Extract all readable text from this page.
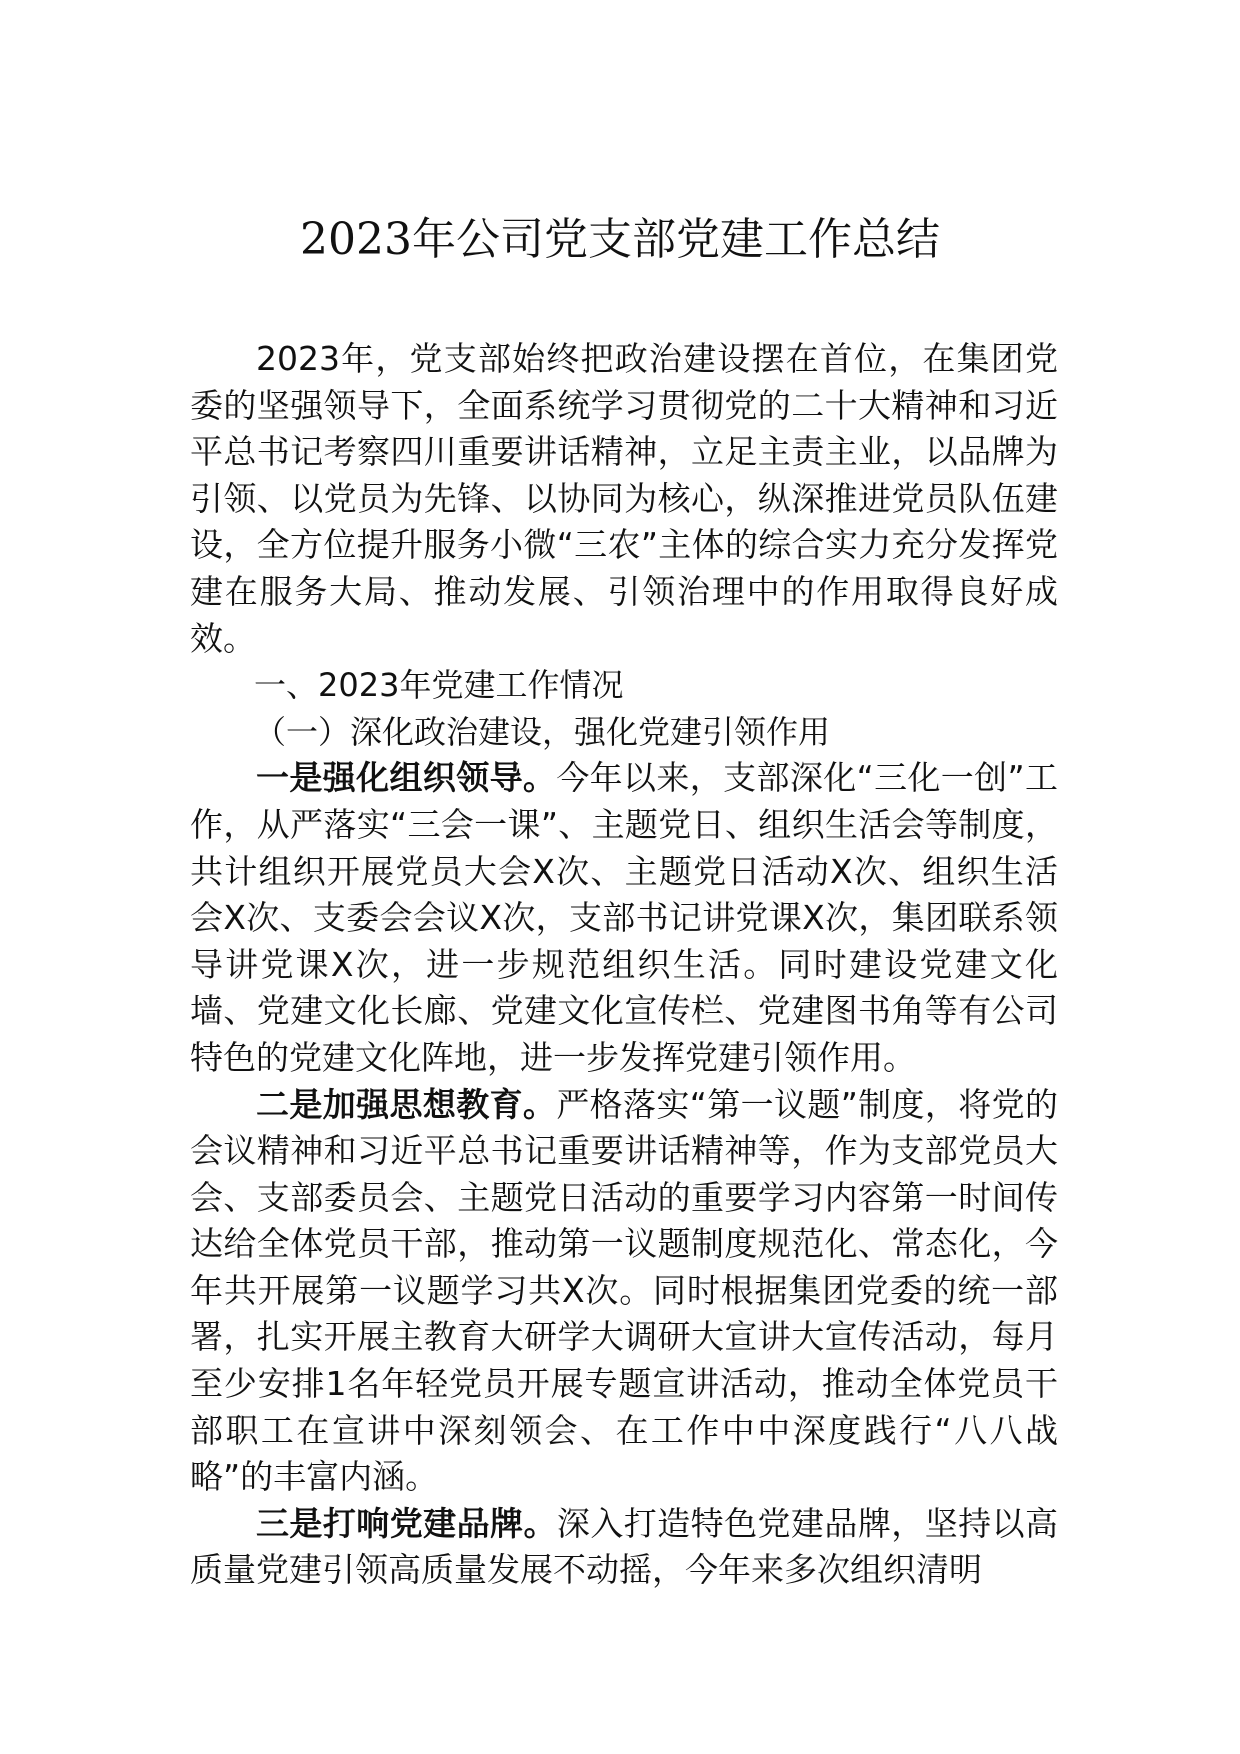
2023年公司党支部党建工作总结

2023年，党支部始终把政治建设摆在首位，在集团党委的坚强领导下，全面系统学习贯彻党的二十大精神和习近平总书记考察四川重要讲话精神，立足主责主业，以品牌为引领、以党员为先锋、以协同为核心，纵深推进党员队伍建设，全方位提升服务小微“三农”主体的综合实力充分发挥党建在服务大局、推动发展、引领治理中的作用取得良好成效。

一、2023年党建工作情况

（一）深化政治建设，强化党建引领作用

一是强化组织领导。今年以来，支部深化“三化一创”工作，从严落实“三会一课”、主题党日、组织生活会等制度，共计组织开展党员大会X次、主题党日活动X次、组织生活会X次、支委会会议X次，支部书记讲党课X次，集团联系领导讲党课X次，进一步规范组织生活。同时建设党建文化墙、党建文化长廊、党建文化宣传栏、党建图书角等有公司特色的党建文化阵地，进一步发挥党建引领作用。

二是加强思想教育。严格落实“第一议题”制度，将党的会议精神和习近平总书记重要讲话精神等，作为支部党员大会、支部委员会、主题党日活动的重要学习内容第一时间传达给全体党员干部，推动第一议题制度规范化、常态化，今年共开展第一议题学习共X次。同时根据集团党委的统一部署，扎实开展主教育大研学大调研大宣讲大宣传活动，每月至少安排1名年轻党员开展专题宣讲活动，推动全体党员干部职工在宣讲中深刻领会、在工作中中深度践行“八八战略”的丰富内涵。

三是打响党建品牌。深入打造特色党建品牌，坚持以高质量党建引领高质量发展不动摇，今年来多次组织清明
